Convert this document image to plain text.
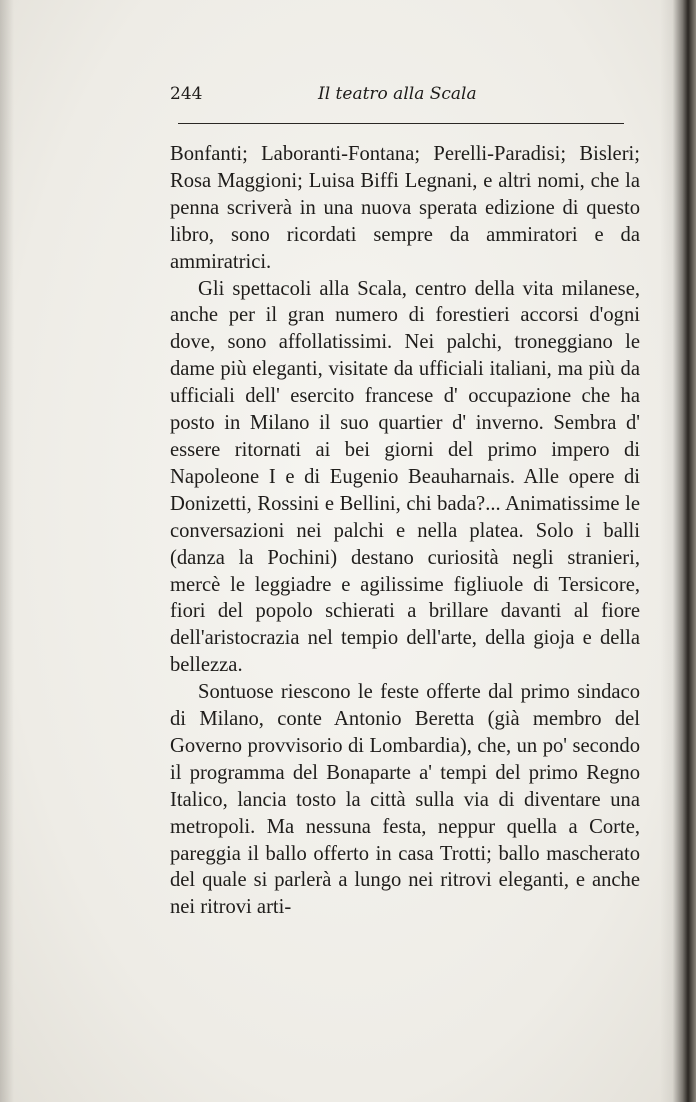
244	Il teatro alla Scala

Bonfanti; Laboranti-Fontana; Perelli-Paradisi; Bisleri; Rosa Maggioni; Luisa Biffi Legnani, e altri nomi, che la penna scriverà in una nuova sperata edizione di questo libro, sono ricordati sempre da ammiratori e da ammiratrici.

Gli spettacoli alla Scala, centro della vita milanese, anche per il gran numero di forestieri accorsi d'ogni dove, sono affollatissimi. Nei palchi, troneggiano le dame più eleganti, visitate da ufficiali italiani, ma più da ufficiali dell' esercito francese d' occupazione che ha posto in Milano il suo quartier d' inverno. Sembra d' essere ritornati ai bei giorni del primo impero di Napoleone I e di Eugenio Beauharnais. Alle opere di Donizetti, Rossini e Bellini, chi bada?... Animatissime le conversazioni nei palchi e nella platea. Solo i balli (danza la Pochini) destano curiosità negli stranieri, mercè le leggiadre e agilissime figliuole di Tersicore, fiori del popolo schierati a brillare davanti al fiore dell'aristocrazia nel tempio dell'arte, della gioja e della bellezza.

Sontuose riescono le feste offerte dal primo sindaco di Milano, conte Antonio Beretta (già membro del Governo provvisorio di Lombardia), che, un po' secondo il programma del Bonaparte a' tempi del primo Regno Italico, lancia tosto la città sulla via di diventare una metropoli. Ma nessuna festa, neppur quella a Corte, pareggia il ballo offerto in casa Trotti; ballo mascherato del quale si parlerà a lungo nei ritrovi eleganti, e anche nei ritrovi arti-
